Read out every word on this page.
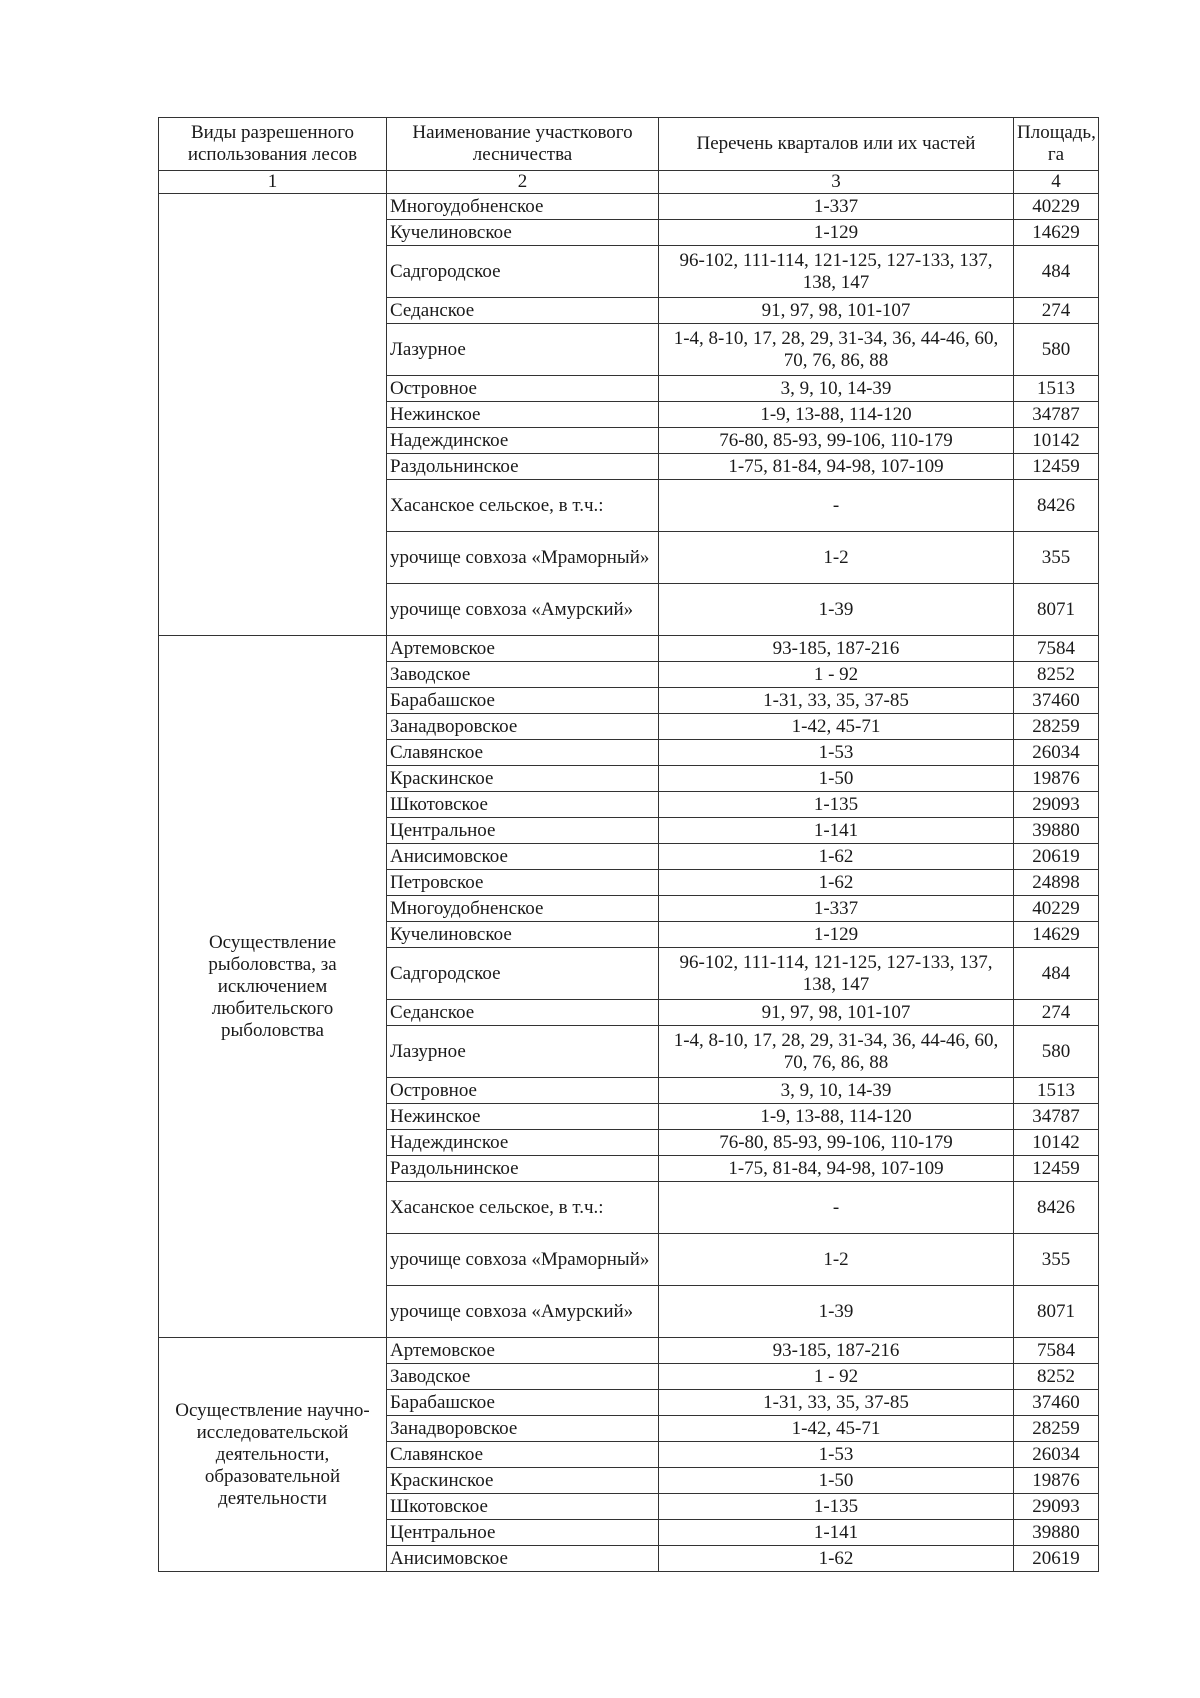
Виды разрешенного использования лесов	Наименование участкового лесничества	Перечень кварталов или их частей	Площадь, га
1	2	3	4
	Многоудобненское	1-337	40229
	Кучелиновское	1-129	14629
	Садгородское	96-102, 111-114, 121-125, 127-133, 137, 138, 147	484
	Седанское	91, 97, 98, 101-107	274
	Лазурное	1-4, 8-10, 17, 28, 29, 31-34, 36, 44-46, 60, 70, 76, 86, 88	580
	Островное	3, 9, 10, 14-39	1513
	Нежинское	1-9, 13-88, 114-120	34787
	Надеждинское	76-80, 85-93, 99-106, 110-179	10142
	Раздольнинское	1-75, 81-84, 94-98, 107-109	12459
	Хасанское сельское, в т.ч.:	-	8426
	урочище совхоза «Мраморный»	1-2	355
	урочище совхоза «Амурский»	1-39	8071
Осуществление рыболовства, за исключением любительского рыболовства	Артемовское	93-185, 187-216	7584
	Заводское	1 - 92	8252
	Барабашское	1-31, 33, 35, 37-85	37460
	Занадворовское	1-42, 45-71	28259
	Славянское	1-53	26034
	Краскинское	1-50	19876
	Шкотовское	1-135	29093
	Центральное	1-141	39880
	Анисимовское	1-62	20619
	Петровское	1-62	24898
	Многоудобненское	1-337	40229
	Кучелиновское	1-129	14629
	Садгородское	96-102, 111-114, 121-125, 127-133, 137, 138, 147	484
	Седанское	91, 97, 98, 101-107	274
	Лазурное	1-4, 8-10, 17, 28, 29, 31-34, 36, 44-46, 60, 70, 76, 86, 88	580
	Островное	3, 9, 10, 14-39	1513
	Нежинское	1-9, 13-88, 114-120	34787
	Надеждинское	76-80, 85-93, 99-106, 110-179	10142
	Раздольнинское	1-75, 81-84, 94-98, 107-109	12459
	Хасанское сельское, в т.ч.:	-	8426
	урочище совхоза «Мраморный»	1-2	355
	урочище совхоза «Амурский»	1-39	8071
Осуществление научно-исследовательской деятельности, образовательной деятельности	Артемовское	93-185, 187-216	7584
	Заводское	1 - 92	8252
	Барабашское	1-31, 33, 35, 37-85	37460
	Занадворовское	1-42, 45-71	28259
	Славянское	1-53	26034
	Краскинское	1-50	19876
	Шкотовское	1-135	29093
	Центральное	1-141	39880
	Анисимовское	1-62	20619
